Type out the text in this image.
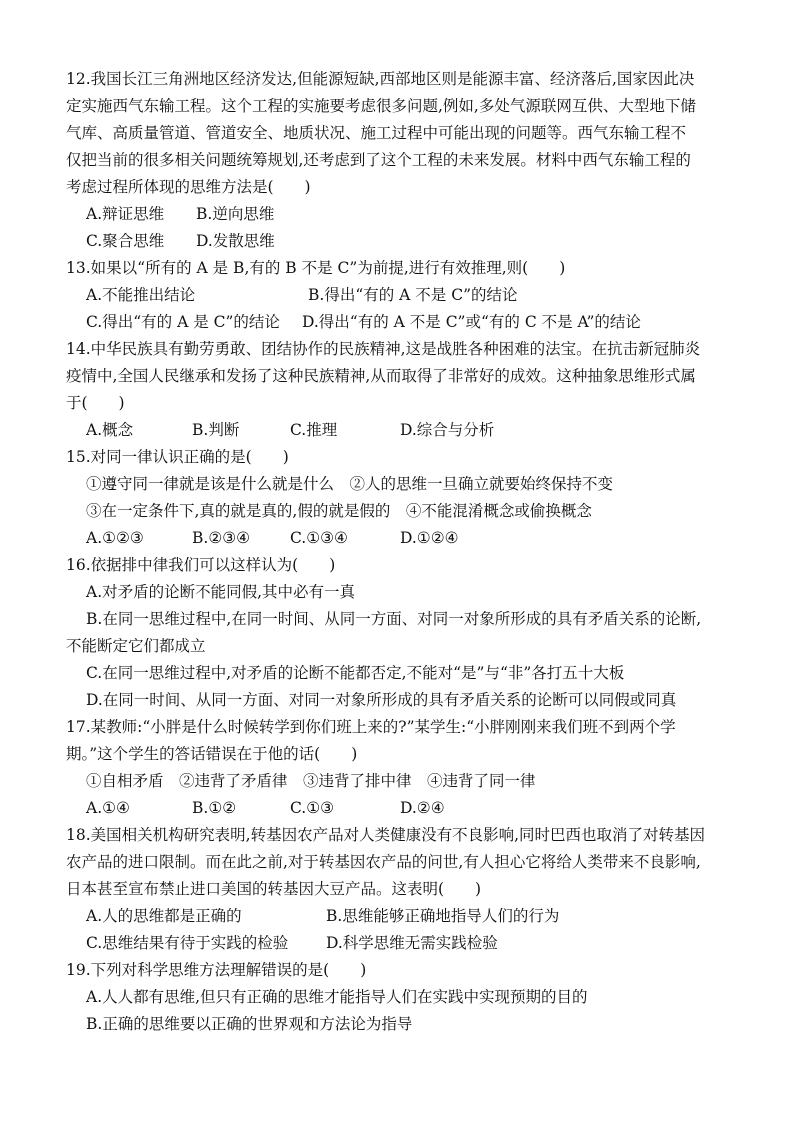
12.我国长江三角洲地区经济发达,但能源短缺,西部地区则是能源丰富、经济落后,国家因此决
定实施西气东输工程。这个工程的实施要考虑很多问题,例如,多处气源联网互供、大型地下储
气库、高质量管道、管道安全、地质状况、施工过程中可能出现的问题等。西气东输工程不
仅把当前的很多相关问题统筹规划,还考虑到了这个工程的未来发展。材料中西气东输工程的
考虑过程所体现的思维方法是(　　)
A.辩证思维	B.逆向思维
C.聚合思维	D.发散思维
13.如果以“所有的 A 是 B,有的 B 不是 C”为前提,进行有效推理,则(　　)
A.不能推出结论	B.得出“有的 A 不是 C”的结论
C.得出“有的 A 是 C”的结论	D.得出“有的 A 不是 C”或“有的 C 不是 A”的结论
14.中华民族具有勤劳勇敢、团结协作的民族精神,这是战胜各种困难的法宝。在抗击新冠肺炎
疫情中,全国人民继承和发扬了这种民族精神,从而取得了非常好的成效。这种抽象思维形式属
于(　　)
A.概念	B.判断	C.推理	D.综合与分析
15.对同一律认识正确的是(　　)
①遵守同一律就是该是什么就是什么　②人的思维一旦确立就要始终保持不变
③在一定条件下,真的就是真的,假的就是假的　④不能混淆概念或偷换概念
A.①②③	B.②③④	C.①③④	D.①②④
16.依据排中律我们可以这样认为(　　)
A.对矛盾的论断不能同假,其中必有一真
B.在同一思维过程中,在同一时间、从同一方面、对同一对象所形成的具有矛盾关系的论断,
不能断定它们都成立
C.在同一思维过程中,对矛盾的论断不能都否定,不能对“是”与“非”各打五十大板
D.在同一时间、从同一方面、对同一对象所形成的具有矛盾关系的论断可以同假或同真
17.某教师:“小胖是什么时候转学到你们班上来的?”某学生:“小胖刚刚来我们班不到两个学
期。”这个学生的答话错误在于他的话(　　)
①自相矛盾　②违背了矛盾律　③违背了排中律　④违背了同一律
A.①④	B.①②	C.①③	D.②④
18.美国相关机构研究表明,转基因农产品对人类健康没有不良影响,同时巴西也取消了对转基因
农产品的进口限制。而在此之前,对于转基因农产品的问世,有人担心它将给人类带来不良影响,
日本甚至宣布禁止进口美国的转基因大豆产品。这表明(　　)
A.人的思维都是正确的	B.思维能够正确地指导人们的行为
C.思维结果有待于实践的检验	D.科学思维无需实践检验
19.下列对科学思维方法理解错误的是(　　)
A.人人都有思维,但只有正确的思维才能指导人们在实践中实现预期的目的
B.正确的思维要以正确的世界观和方法论为指导
